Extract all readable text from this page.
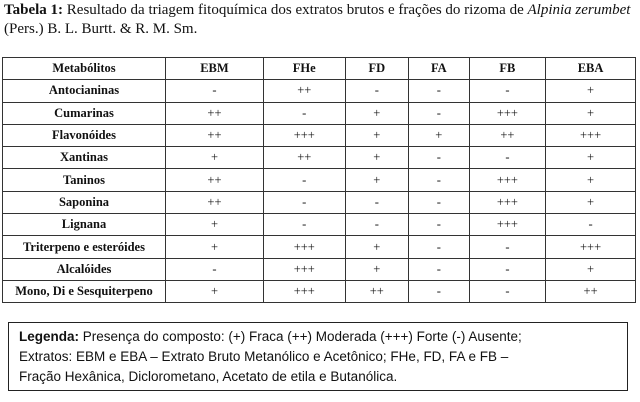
Tabela 1: Resultado da triagem fitoquímica dos extratos brutos e frações do rizoma de Alpinia zerumbet (Pers.) B. L. Burtt. & R. M. Sm.
Metabólitos	EBM	FHe	FD	FA	FB	EBA
Antocianinas	-	++	-	-	-	+
Cumarinas	++	-	+	-	+++	+
Flavonóides	++	+++	+	+	++	+++
Xantinas	+	++	+	-	-	+
Taninos	++	-	+	-	+++	+
Saponina	++	-	-	-	+++	+
Lignana	+	-	-	-	+++	-
Triterpeno e esteróides	+	+++	+	-	-	+++
Alcalóides	-	+++	+	-	-	+
Mono, Di e Sesquiterpeno	+	+++	++	-	-	++
Legenda: Presença do composto: (+) Fraca (++) Moderada (+++) Forte (-) Ausente;
Extratos: EBM e EBA – Extrato Bruto Metanólico e Acetônico; FHe, FD, FA e FB –
Fração Hexânica, Diclorometano, Acetato de etila e Butanólica.
